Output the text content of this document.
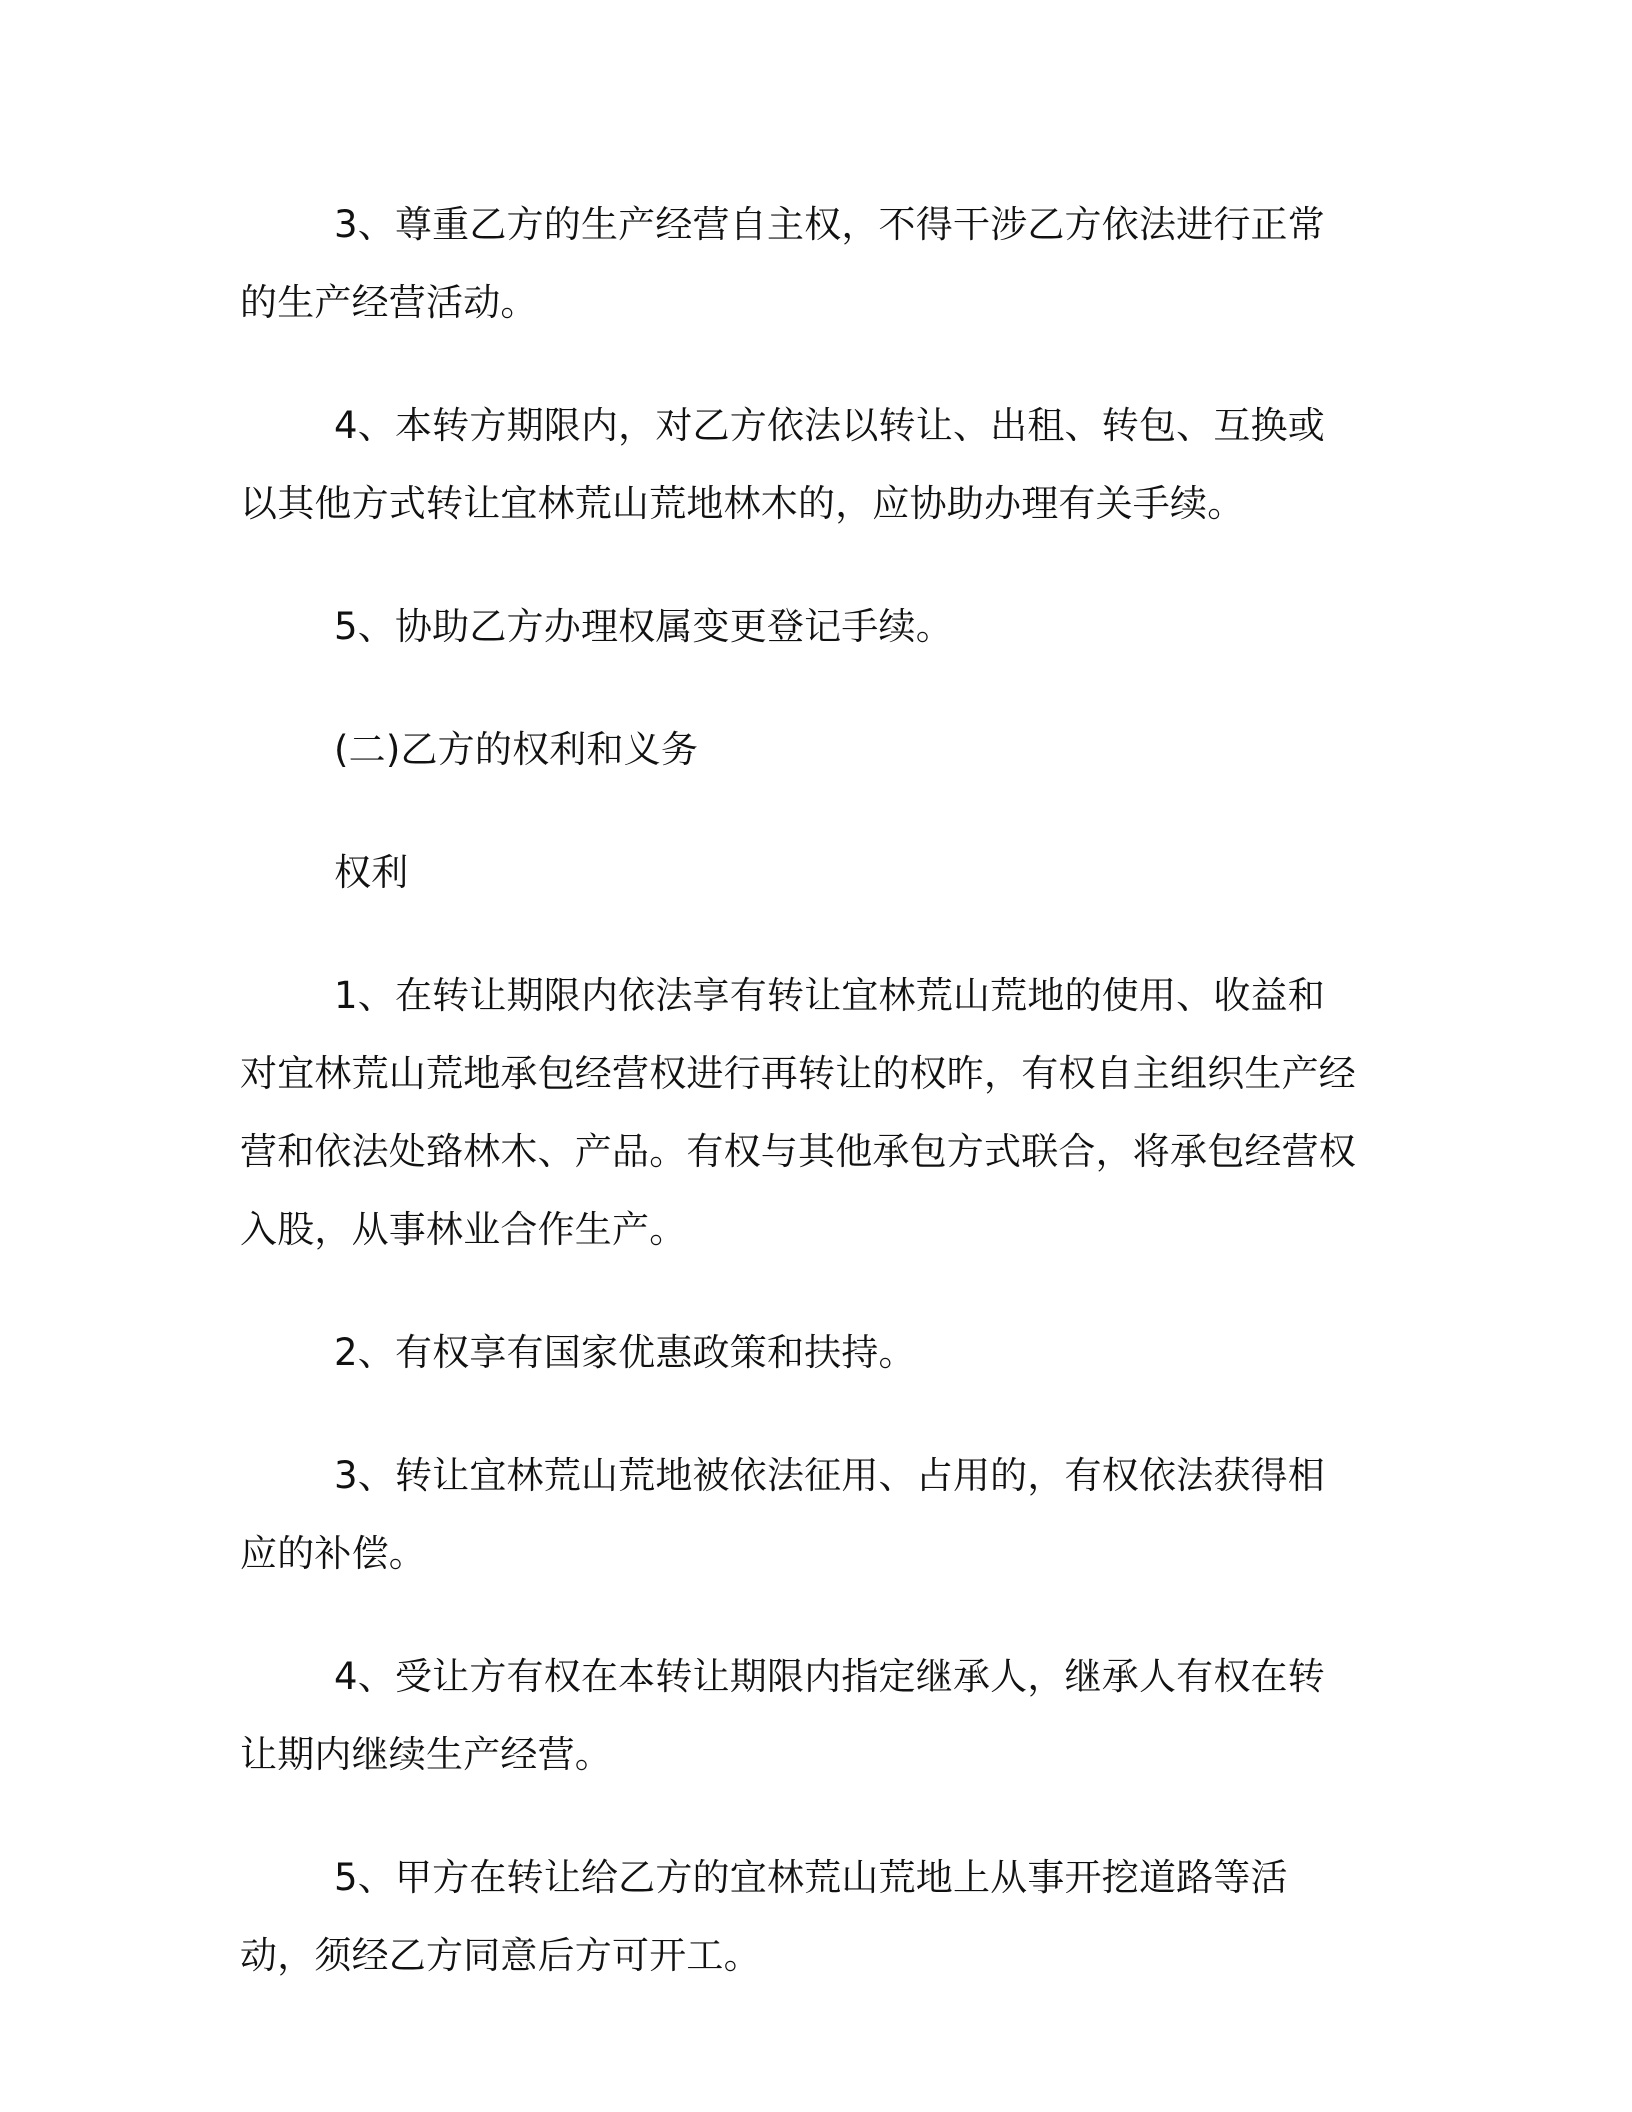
3、尊重乙方的生产经营自主权，不得干涉乙方依法进行正常的生产经营活动。

4、本转方期限内，对乙方依法以转让、出租、转包、互换或以其他方式转让宜林荒山荒地林木的，应协助办理有关手续。

5、协助乙方办理权属变更登记手续。

(二)乙方的权利和义务

权利

1、在转让期限内依法享有转让宜林荒山荒地的使用、收益和对宜林荒山荒地承包经营权进行再转让的权昨，有权自主组织生产经营和依法处臵林木、产品。有权与其他承包方式联合，将承包经营权入股，从事林业合作生产。

2、有权享有国家优惠政策和扶持。

3、转让宜林荒山荒地被依法征用、占用的，有权依法获得相应的补偿。

4、受让方有权在本转让期限内指定继承人，继承人有权在转让期内继续生产经营。

5、甲方在转让给乙方的宜林荒山荒地上从事开挖道路等活动，须经乙方同意后方可开工。
